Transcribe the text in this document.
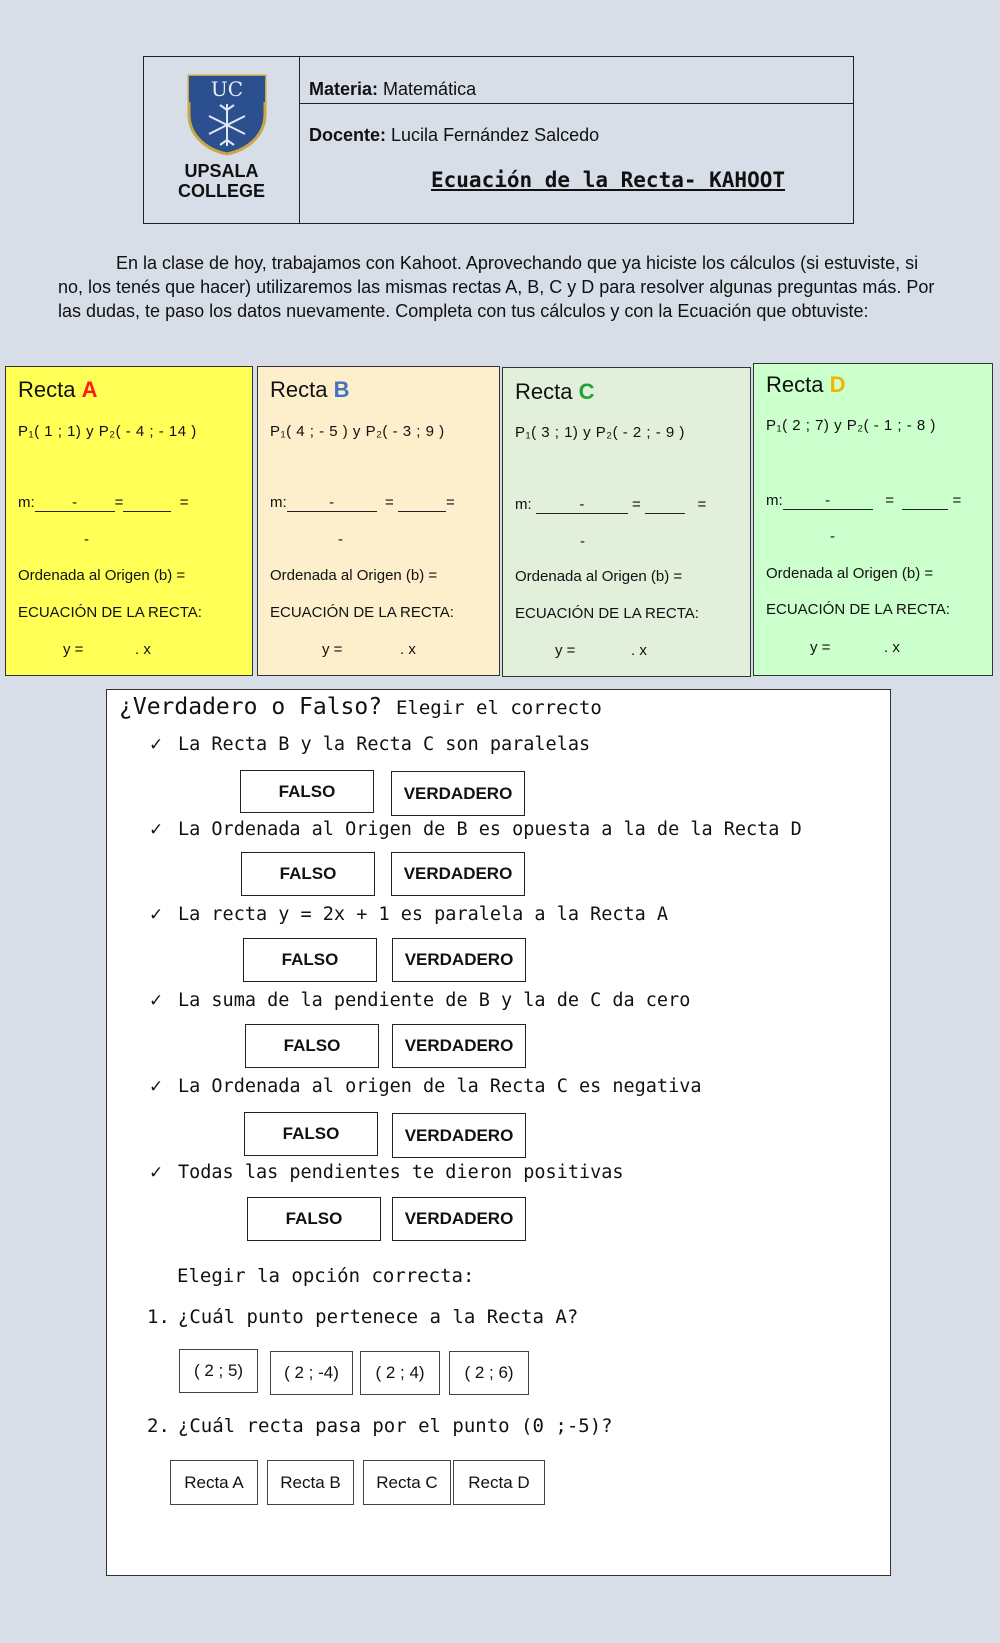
UC
UPSALA
COLLEGE
Materia: Matemática
Docente: Lucila Fernández Salcedo
Ecuación de la Recta- KAHOOT
En la clase de hoy, trabajamos con Kahoot. Aprovechando que ya hiciste los cálculos (si estuviste, si no, los tenés que hacer) utilizaremos las mismas rectas A, B, C y D para resolver algunas preguntas más. Por las dudas, te paso los datos nuevamente. Completa con tus cálculos y con la Ecuación que obtuviste:
Recta A
P₁( 1 ; 1) y P₂( - 4 ; - 14 )
m:	-	=	=
-
Ordenada al Origen (b) =
ECUACIÓN DE LA RECTA:
y =	. x
Recta B
P₁( 4 ; - 5 ) y P₂( - 3 ; 9 )
m:	-	=	=
-
Ordenada al Origen (b) =
ECUACIÓN DE LA RECTA:
y =	. x
Recta C
P₁( 3 ; 1) y P₂( - 2 ; - 9 )
m:	-	=	=
-
Ordenada al Origen (b) =
ECUACIÓN DE LA RECTA:
y =	. x
Recta D
P₁( 2 ; 7) y P₂( - 1 ; - 8 )
m:	-	=	=
-
Ordenada al Origen (b) =
ECUACIÓN DE LA RECTA:
y =	. x
¿Verdadero o Falso? Elegir el correcto
✓ La Recta B y la Recta C son paralelas
FALSO	VERDADERO
✓ La Ordenada al Origen de B es opuesta a la de la Recta D
FALSO	VERDADERO
✓ La recta y = 2x + 1 es paralela a la Recta A
FALSO	VERDADERO
✓ La suma de la pendiente de B y la de C da cero
FALSO	VERDADERO
✓ La Ordenada al origen de la Recta C es negativa
FALSO	VERDADERO
✓ Todas las pendientes te dieron positivas
FALSO	VERDADERO
Elegir la opción correcta:
1. ¿Cuál punto pertenece a la Recta A?
( 2 ; 5)	( 2 ; -4)	( 2 ; 4)	( 2 ; 6)
2. ¿Cuál recta pasa por el punto (0 ;-5)?
Recta A	Recta B	Recta C	Recta D
